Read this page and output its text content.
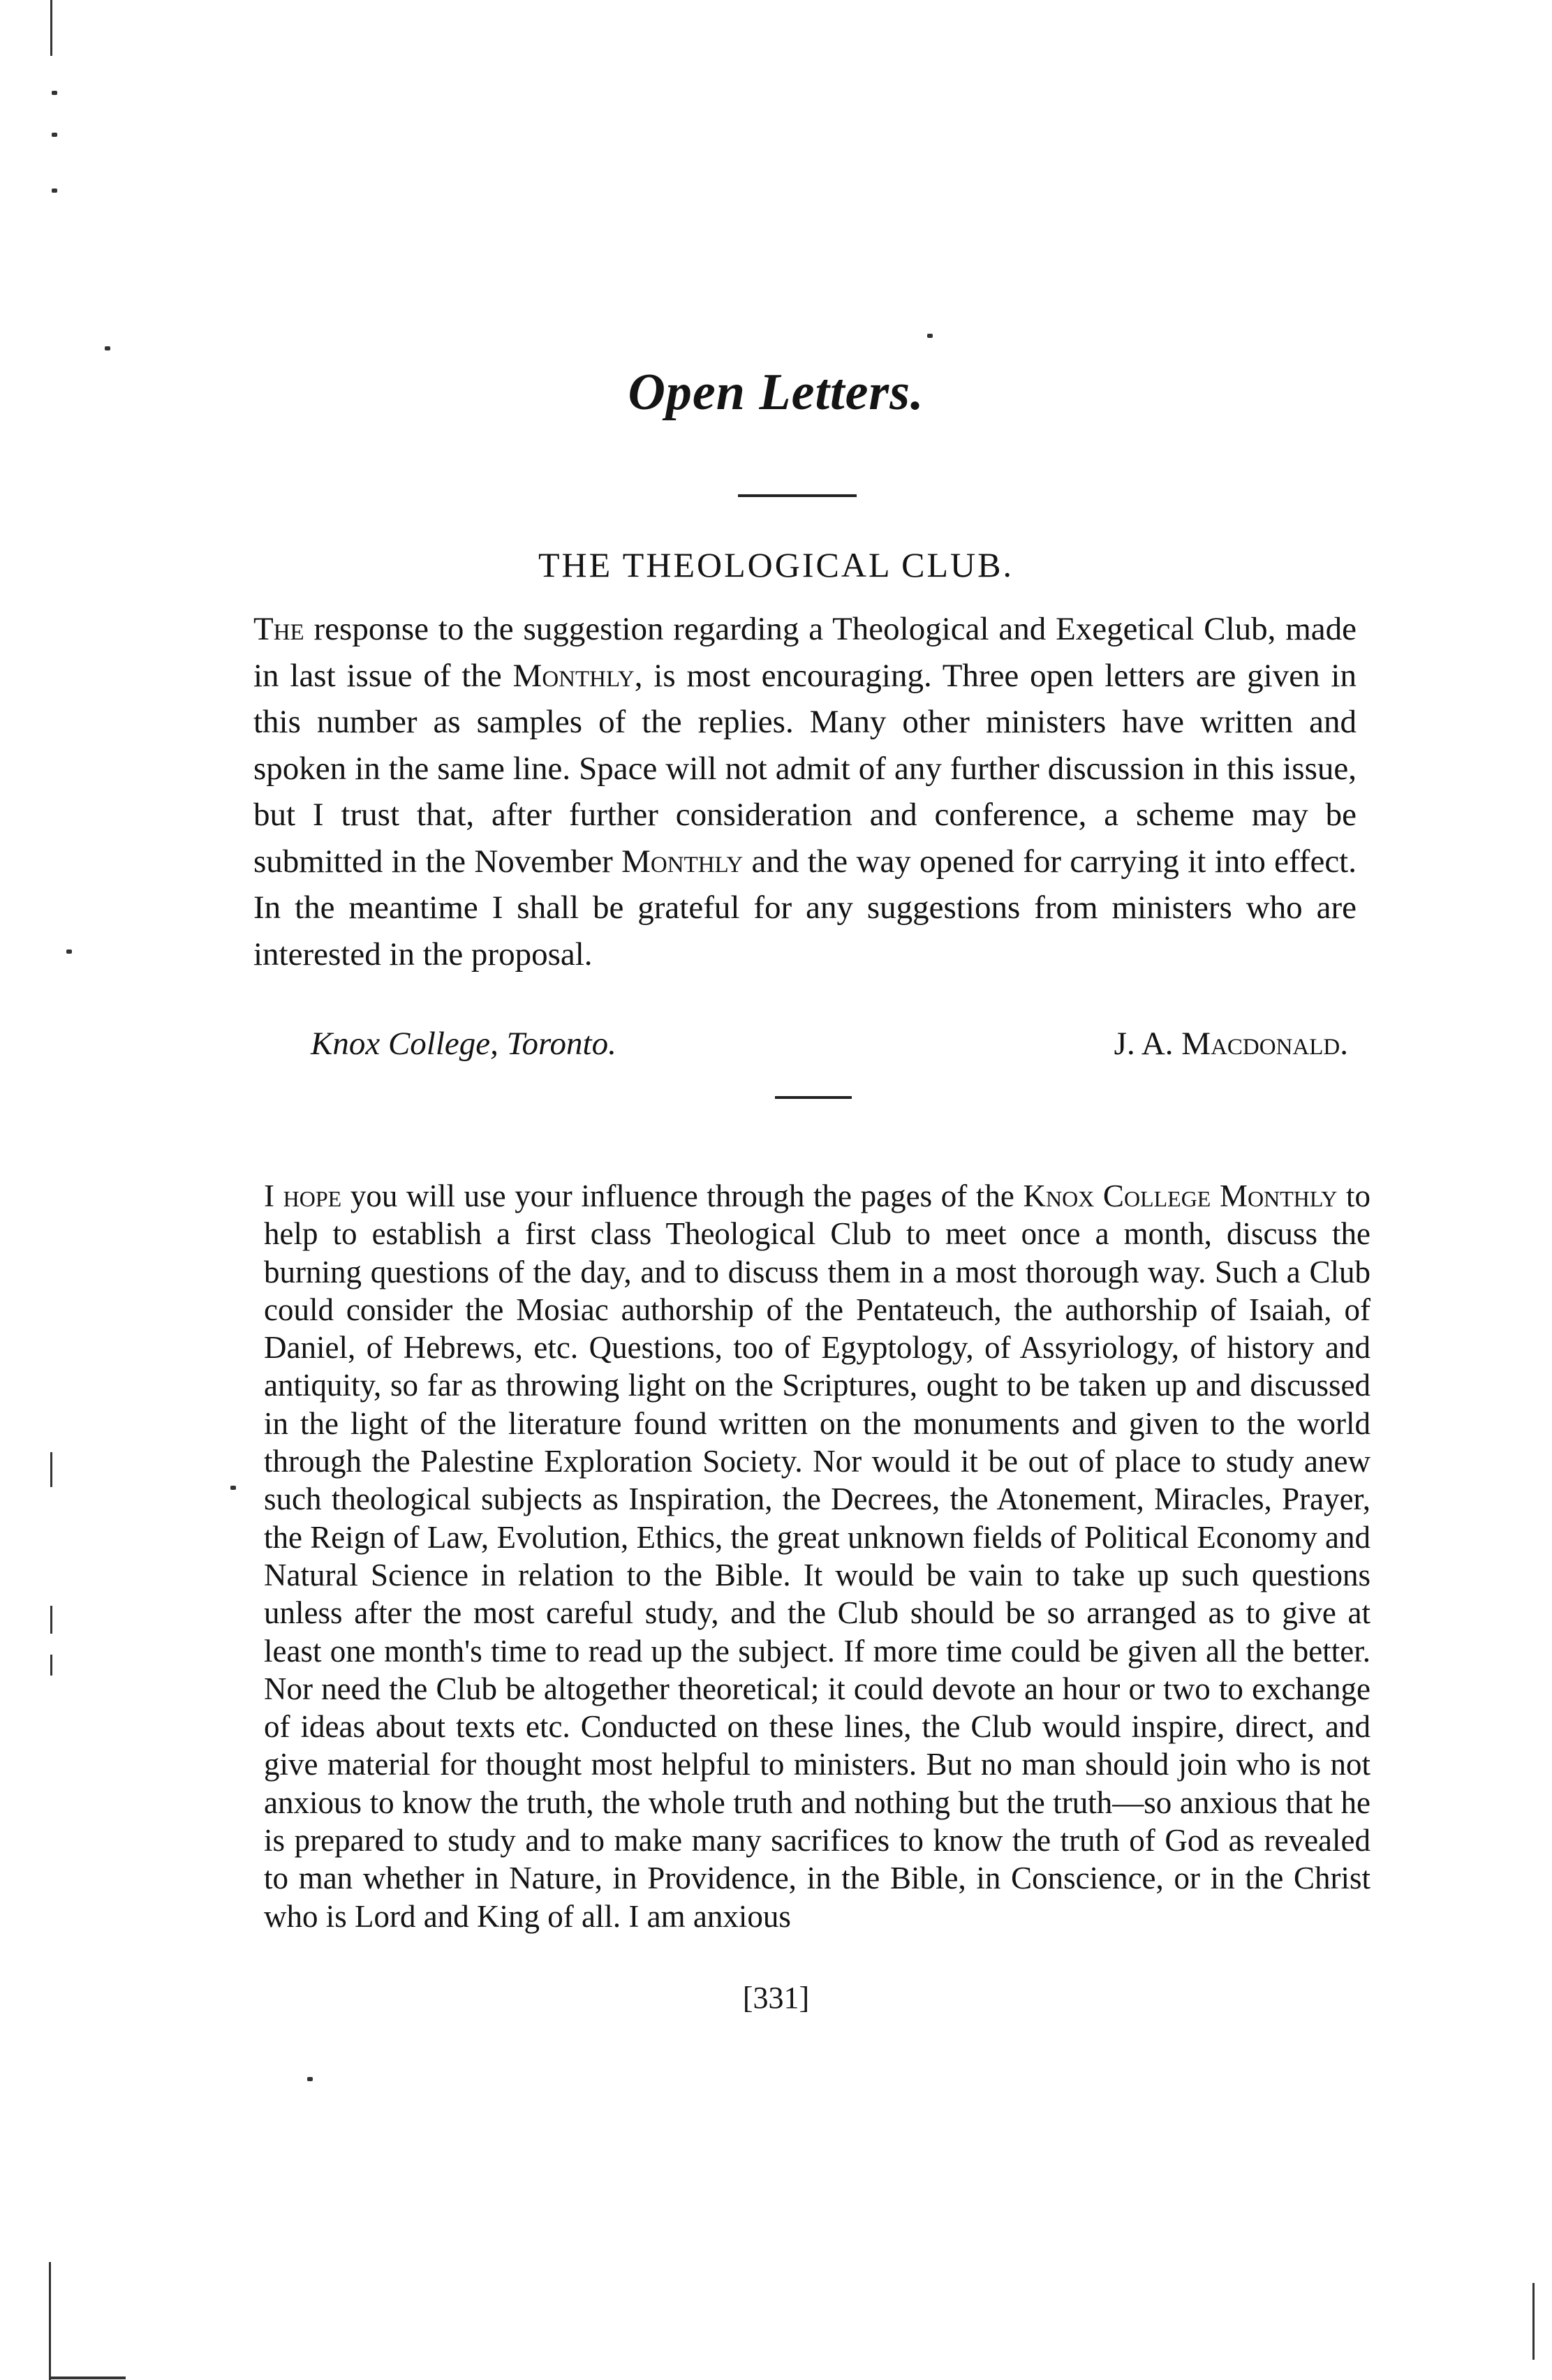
Open Letters.
THE THEOLOGICAL CLUB.
The response to the suggestion regarding a Theological and Exegetical Club, made in last issue of the Monthly, is most encouraging. Three open letters are given in this number as samples of the replies. Many other ministers have written and spoken in the same line. Space will not admit of any further discussion in this issue, but I trust that, after further consideration and conference, a scheme may be submitted in the November Monthly and the way opened for carrying it into effect. In the meantime I shall be grateful for any suggestions from ministers who are interested in the proposal.
Knox College, Toronto.	J. A. Macdonald.

I hope you will use your influence through the pages of the Knox College Monthly to help to establish a first class Theological Club to meet once a month, discuss the burning questions of the day, and to discuss them in a most thorough way. Such a Club could consider the Mosiac authorship of the Pentateuch, the authorship of Isaiah, of Daniel, of Hebrews, etc. Questions, too of Egyptology, of Assyriology, of history and antiquity, so far as throwing light on the Scriptures, ought to be taken up and discussed in the light of the literature found written on the monuments and given to the world through the Palestine Exploration Society. Nor would it be out of place to study anew such theological subjects as Inspiration, the Decrees, the Atonement, Miracles, Prayer, the Reign of Law, Evolution, Ethics, the great unknown fields of Political Economy and Natural Science in relation to the Bible. It would be vain to take up such questions unless after the most careful study, and the Club should be so arranged as to give at least one month's time to read up the subject. If more time could be given all the better. Nor need the Club be altogether theoretical; it could devote an hour or two to exchange of ideas about texts etc. Conducted on these lines, the Club would inspire, direct, and give material for thought most helpful to ministers. But no man should join who is not anxious to know the truth, the whole truth and nothing but the truth—so anxious that he is prepared to study and to make many sacrifices to know the truth of God as revealed to man whether in Nature, in Providence, in the Bible, in Conscience, or in the Christ who is Lord and King of all. I am anxious

[331]
